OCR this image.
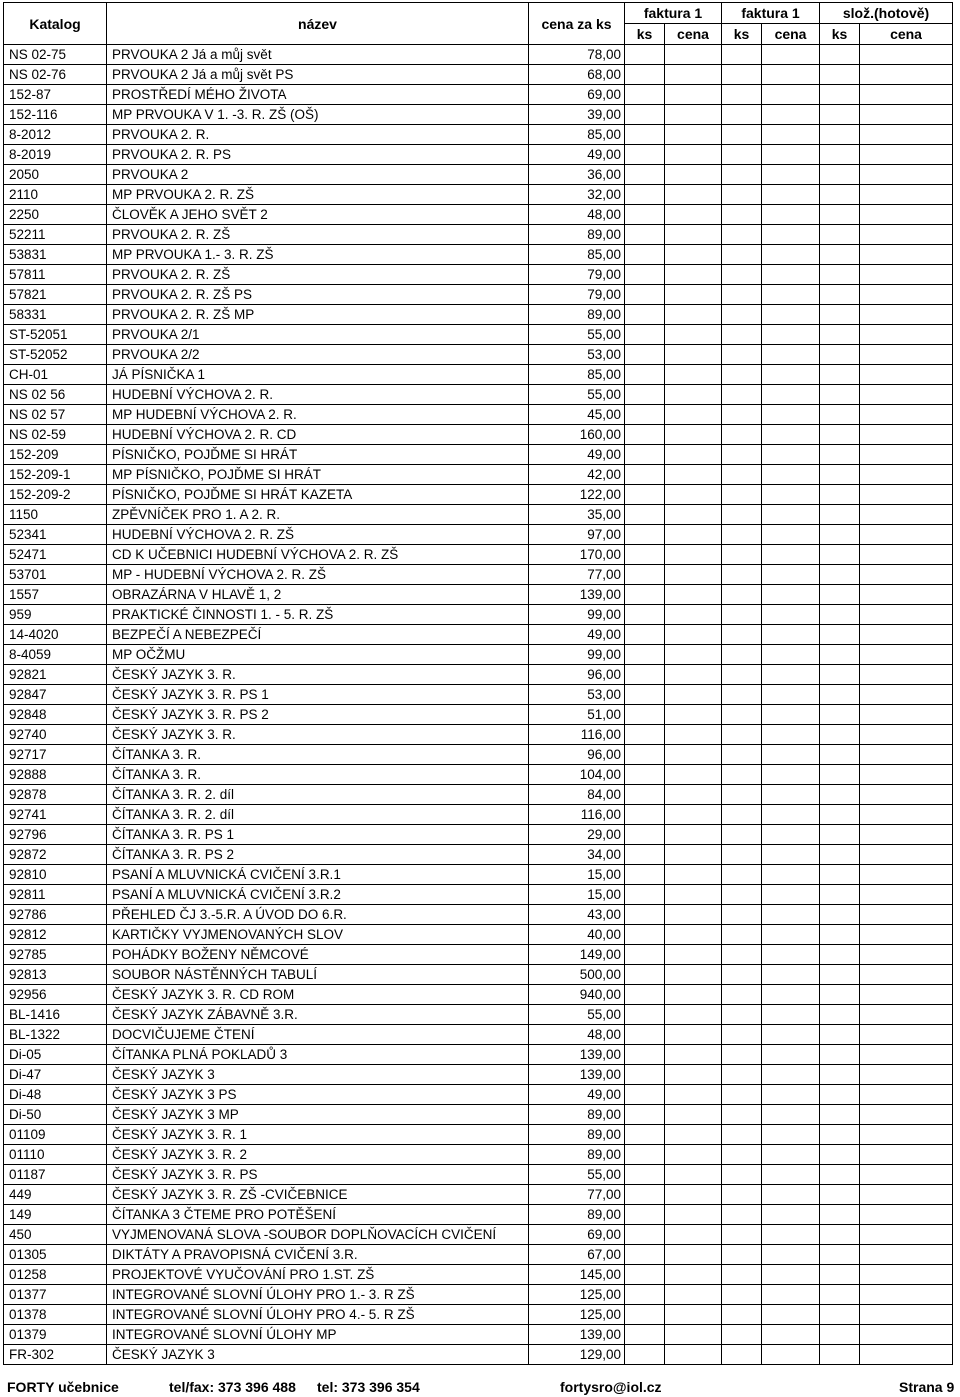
Katalog	název	cena za ks	faktura 1		faktura 1		slož.(hotově)	
			ks	cena	ks	cena	ks	cena
NS 02-75	PRVOUKA 2 Já a můj svět	78,00						
NS 02-76	PRVOUKA 2 Já a můj svět PS	68,00						
152-87	PROSTŘEDÍ MÉHO ŽIVOTA	69,00						
152-116	MP PRVOUKA V 1. -3. R. ZŠ (OŠ)	39,00						
8-2012	PRVOUKA 2. R.	85,00						
8-2019	PRVOUKA 2. R. PS	49,00						
2050	PRVOUKA 2	36,00						
2110	MP PRVOUKA 2. R. ZŠ	32,00						
2250	ČLOVĚK A JEHO SVĚT 2	48,00						
52211	PRVOUKA 2. R. ZŠ	89,00						
53831	MP PRVOUKA 1.- 3. R. ZŠ	85,00						
57811	PRVOUKA 2. R. ZŠ	79,00						
57821	PRVOUKA 2. R. ZŠ PS	79,00						
58331	PRVOUKA 2. R. ZŠ MP	89,00						
ST-52051	PRVOUKA 2/1	55,00						
ST-52052	PRVOUKA 2/2	53,00						
CH-01	JÁ PÍSNIČKA 1	85,00						
NS 02 56	HUDEBNÍ VÝCHOVA 2. R.	55,00						
NS 02 57	MP HUDEBNÍ VÝCHOVA 2. R.	45,00						
NS 02-59	HUDEBNÍ VÝCHOVA 2. R. CD	160,00						
152-209	PÍSNIČKO, POJĎME SI HRÁT	49,00						
152-209-1	MP PÍSNIČKO, POJĎME SI HRÁT	42,00						
152-209-2	PÍSNIČKO, POJĎME SI HRÁT KAZETA	122,00						
1150	ZPĚVNÍČEK PRO 1. A 2. R.	35,00						
52341	HUDEBNÍ VÝCHOVA 2. R. ZŠ	97,00						
52471	CD K UČEBNICI HUDEBNÍ VÝCHOVA 2. R. ZŠ	170,00						
53701	MP - HUDEBNÍ VÝCHOVA 2. R. ZŠ	77,00						
1557	OBRAZÁRNA V HLAVĚ 1, 2	139,00						
959	PRAKTICKÉ ČINNOSTI 1. - 5. R. ZŠ	99,00						
14-4020	BEZPEČÍ A NEBEZPEČÍ	49,00						
8-4059	MP OČŽMU	99,00						
92821	ČESKÝ JAZYK 3. R.	96,00						
92847	ČESKÝ JAZYK 3. R. PS 1	53,00						
92848	ČESKÝ JAZYK 3. R. PS 2	51,00						
92740	ČESKÝ JAZYK 3. R.	116,00						
92717	ČÍTANKA 3. R.	96,00						
92888	ČÍTANKA 3. R.	104,00						
92878	ČÍTANKA 3. R. 2. díl	84,00						
92741	ČÍTANKA 3. R. 2. díl	116,00						
92796	ČÍTANKA 3. R. PS 1	29,00						
92872	ČÍTANKA 3. R. PS 2	34,00						
92810	PSANÍ A MLUVNICKÁ CVIČENÍ 3.R.1	15,00						
92811	PSANÍ A MLUVNICKÁ CVIČENÍ 3.R.2	15,00						
92786	PŘEHLED ČJ 3.-5.R. A ÚVOD DO 6.R.	43,00						
92812	KARTIČKY VYJMENOVANÝCH SLOV	40,00						
92785	POHÁDKY BOŽENY NĚMCOVÉ	149,00						
92813	SOUBOR NÁSTĚNNÝCH TABULÍ	500,00						
92956	ČESKÝ JAZYK 3. R. CD ROM	940,00						
BL-1416	ČESKÝ JAZYK ZÁBAVNĚ 3.R.	55,00						
BL-1322	DOCVIČUJEME ČTENÍ	48,00						
Di-05	ČÍTANKA PLNÁ POKLADŮ 3	139,00						
Di-47	ČESKÝ JAZYK 3	139,00						
Di-48	ČESKÝ JAZYK 3 PS	49,00						
Di-50	ČESKÝ JAZYK 3 MP	89,00						
01109	ČESKÝ JAZYK 3. R. 1	89,00						
01110	ČESKÝ JAZYK 3. R. 2	89,00						
01187	ČESKÝ JAZYK 3. R. PS	55,00						
449	ČESKÝ JAZYK 3. R. ZŠ -CVIČEBNICE	77,00						
149	ČÍTANKA 3 ČTEME PRO POTĚŠENÍ	89,00						
450	VYJMENOVANÁ SLOVA -SOUBOR DOPLŇOVACÍCH CVIČENÍ	69,00						
01305	DIKTÁTY A PRAVOPISNÁ CVIČENÍ 3.R.	67,00						
01258	PROJEKTOVÉ VYUČOVÁNÍ PRO 1.ST. ZŠ	145,00						
01377	INTEGROVANÉ SLOVNÍ ÚLOHY PRO 1.- 3. R ZŠ	125,00						
01378	INTEGROVANÉ SLOVNÍ ÚLOHY PRO 4.- 5. R ZŠ	125,00						
01379	INTEGROVANÉ SLOVNÍ ÚLOHY MP	139,00						
FR-302	ČESKÝ JAZYK 3	129,00						
FORTY učebnice	tel/fax: 373 396 488 tel: 373 396 354	fortysro@iol.cz	Strana 9
